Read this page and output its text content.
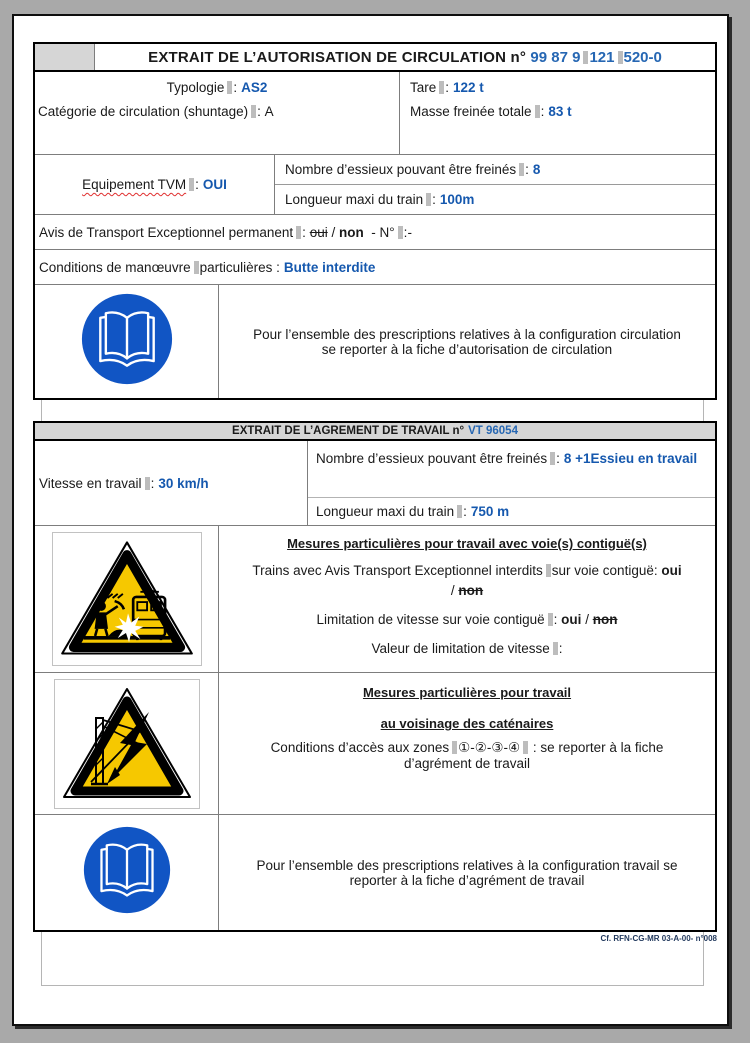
EXTRAIT DE L’AUTORISATION DE CIRCULATION n° 99 87 9 121 520-0
Typologie : AS2
Catégorie de circulation (shuntage) : A
Tare : 122 t
Masse freinée totale : 83 t
Equipement TVM : OUI
Nombre d’essieux pouvant être freinés : 8
Longueur maxi du train : 100m
Avis de Transport Exceptionnel permanent :
oui
/
non
- N° : -
Conditions de manœuvre particulières : Butte interdite
Pour l’ensemble des prescriptions relatives à la configuration circulation
se reporter à la fiche d’autorisation de circulation
EXTRAIT DE L’AGREMENT DE TRAVAIL n° VT 96054
Vitesse en travail : 30 km/h
Nombre d’essieux pouvant être freinés : 8 +1Essieu en travail
Longueur maxi du train : 750 m
Mesures particulières pour travail avec voie(s) contiguë(s)
Trains avec Avis Transport Exceptionnel interdits sur voie contiguë: oui
/ non
Limitation de vitesse sur voie contiguë : oui / non
Valeur de limitation de vitesse :
Mesures particulières pour travail
au voisinage des caténaires
Conditions d’accès aux zones ①-②-③-④ : se reporter à la fiche
d’agrément de travail
Pour l’ensemble des prescriptions relatives à la configuration travail se
reporter à la fiche d’agrément de travail
Cf. RFN-CG-MR 03-A-00- n°008
